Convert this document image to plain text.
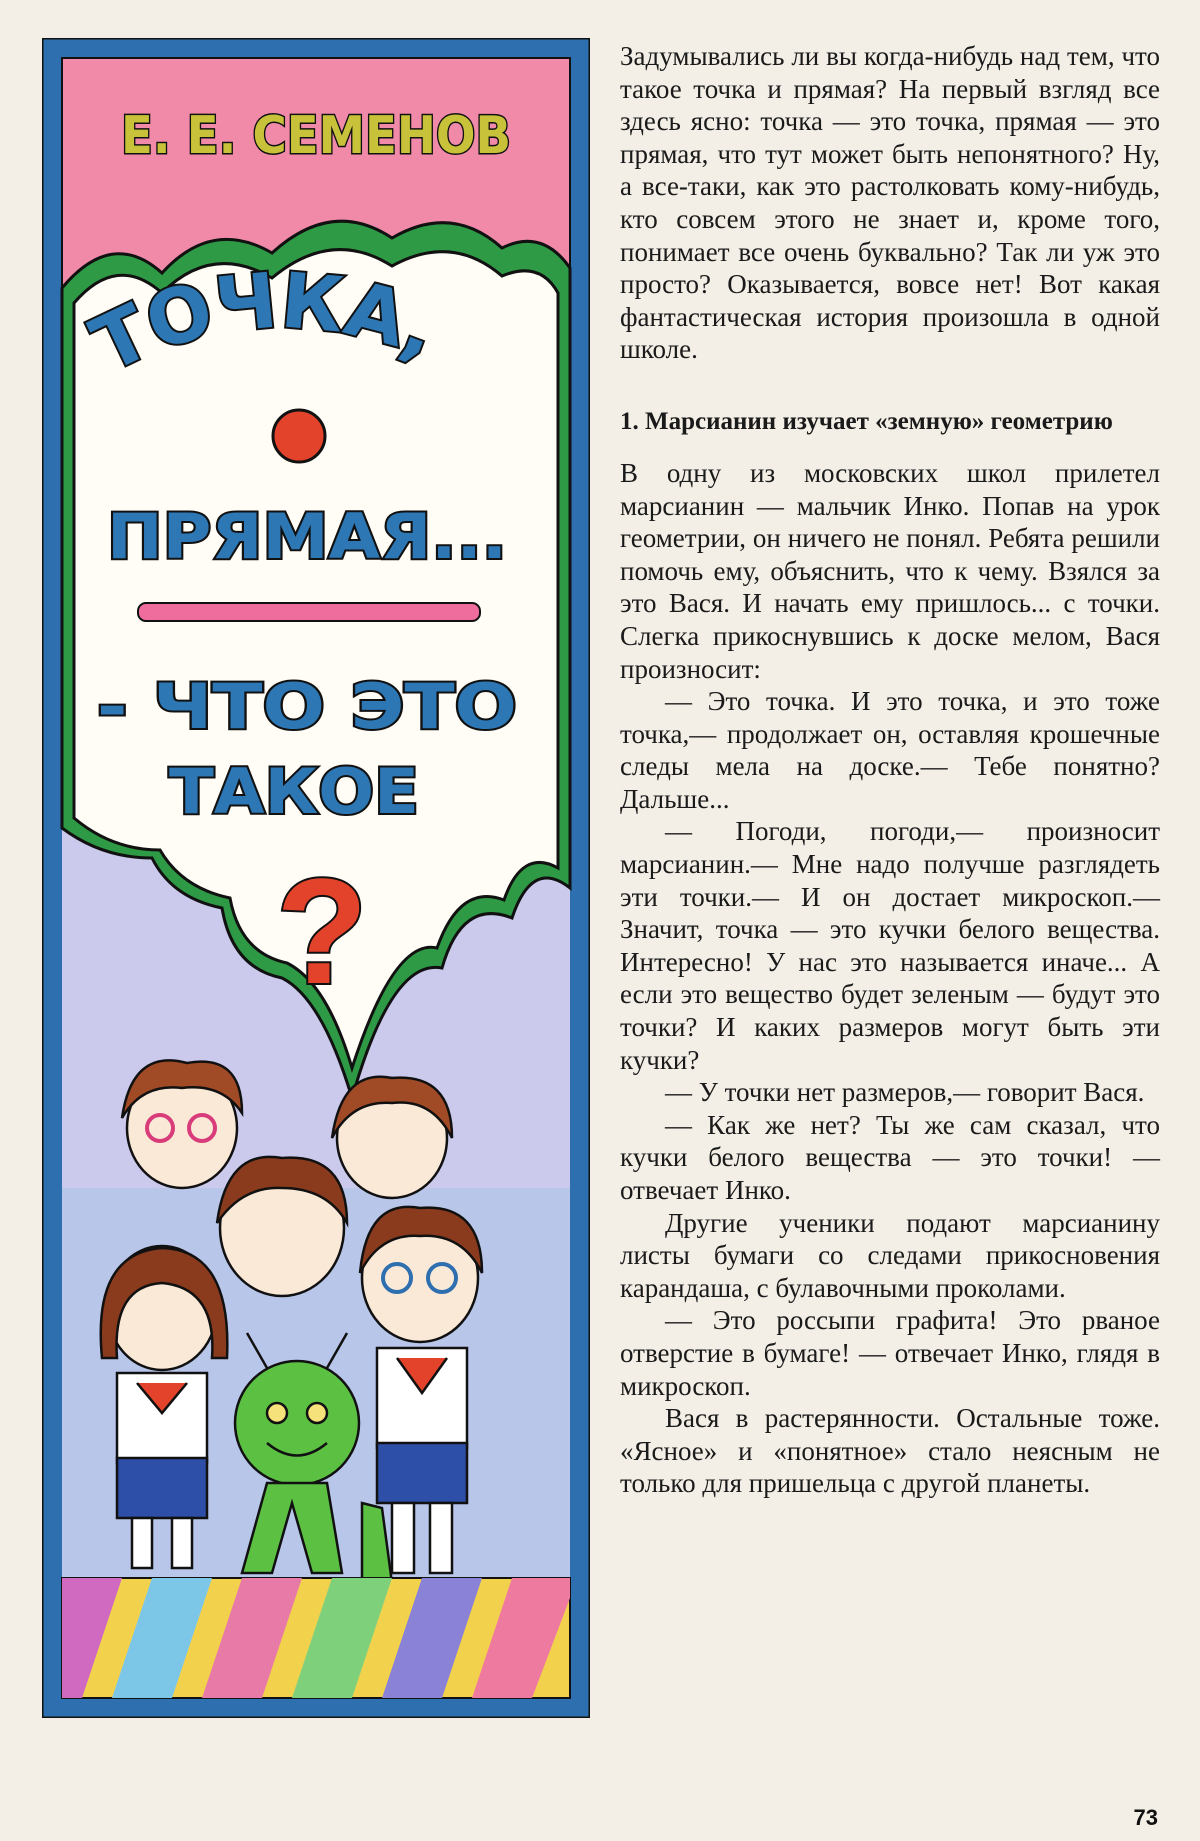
Е. Е. СЕМЕНОВ
ТОЧКА,
ПРЯМАЯ...
- ЧТО ЭТО
ТАКОЕ
?

Задумывались ли вы когда-нибудь над тем, что такое точка и прямая? На первый взгляд все здесь ясно: точка — это точка, прямая — это прямая, что тут может быть непонятного? Ну, а все-таки, как это растолковать кому-нибудь, кто совсем этого не знает и, кроме того, понимает все очень буквально? Так ли уж это просто? Оказывается, вовсе нет! Вот какая фантастическая история произошла в одной школе.

1. Марсианин изучает «земную» геометрию

В одну из московских школ прилетел марсианин — мальчик Инко. Попав на урок геометрии, он ничего не понял. Ребята решили помочь ему, объяснить, что к чему. Взялся за это Вася. И начать ему пришлось... с точки. Слегка прикоснувшись к доске мелом, Вася произносит:

— Это точка. И это точка, и это тоже точка,— продолжает он, оставляя крошечные следы мела на доске.— Тебе понятно? Дальше...

— Погоди, погоди,— произносит марсианин.— Мне надо получше разглядеть эти точки.— И он достает микроскоп.— Значит, точка — это кучки белого вещества. Интересно! У нас это называется иначе... А если это вещество будет зеленым — будут это точки? И каких размеров могут быть эти кучки?

— У точки нет размеров,— говорит Вася.

— Как же нет? Ты же сам сказал, что кучки белого вещества — это точки! — отвечает Инко.

Другие ученики подают марсианину листы бумаги со следами прикосновения карандаша, с булавочными проколами.

— Это россыпи графита! Это рваное отверстие в бумаге! — отвечает Инко, глядя в микроскоп.

Вася в растерянности. Остальные тоже. «Ясное» и «понятное» стало неясным не только для пришельца с другой планеты.

73
